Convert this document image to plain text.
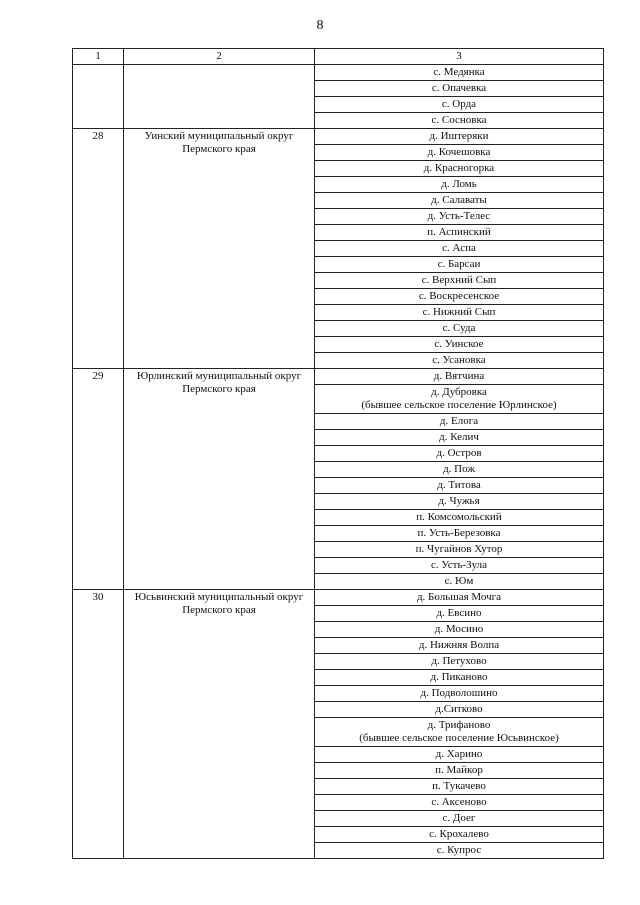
8
1	2	3
		с. Медянка
		с. Опачевка
		с. Орда
		с. Сосновка
28	Уинский муниципальный округ Пермского края	д. Иштеряки
		д. Кочешовка
		д. Красногорка
		д. Ломь
		д. Салаваты
		д. Усть-Телес
		п. Аспинский
		с. Аспа
		с. Барсаи
		с. Верхний Сып
		с. Воскресенское
		с. Нижний Сып
		с. Суда
		с. Уинское
		с. Усановка
29	Юрлинский муниципальный округ Пермского края	д. Вятчина
		д. Дубровка
(бывшее сельское поселение Юрлинское)
		д. Елога
		д. Келич
		д. Остров
		д. Пож
		д. Титова
		д. Чужья
		п. Комсомольский
		п. Усть-Березовка
		п. Чугайнов Хутор
		с. Усть-Зула
		с. Юм
30	Юсьвинский муниципальный округ Пермского края	д. Большая Мочга
		д. Евсино
		д. Мосино
		д. Нижняя Волпа
		д. Петухово
		д. Пиканово
		д. Подволошино
		д.Ситково
		д. Трифаново
(бывшее сельское поселение Юсьвинское)
		д. Харино
		п. Майкор
		п. Тукачево
		с. Аксеново
		с. Доег
		с. Крохалево
		с. Купрос
